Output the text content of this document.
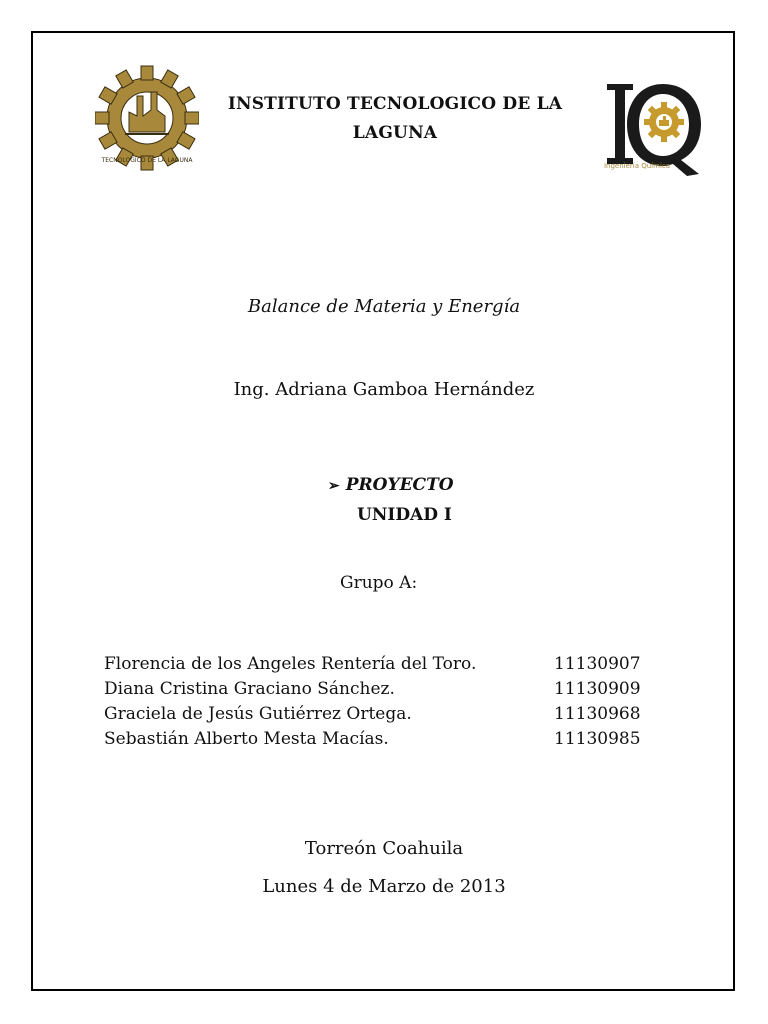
TECNOLOGICO DE LA LAGUNA
INSTITUTO TECNOLOGICO DE LA
LAGUNA
Ingeniería Química
Balance de Materia y Energía
Ing. Adriana Gamboa Hernández
➢ PROYECTO
UNIDAD I
Grupo A:
Florencia de los Angeles Rentería del Toro.	11130907
Diana Cristina Graciano Sánchez.	11130909
Graciela de Jesús Gutiérrez Ortega.	11130968
Sebastián Alberto Mesta Macías.	11130985
Torreón Coahuila
Lunes 4 de Marzo de 2013
